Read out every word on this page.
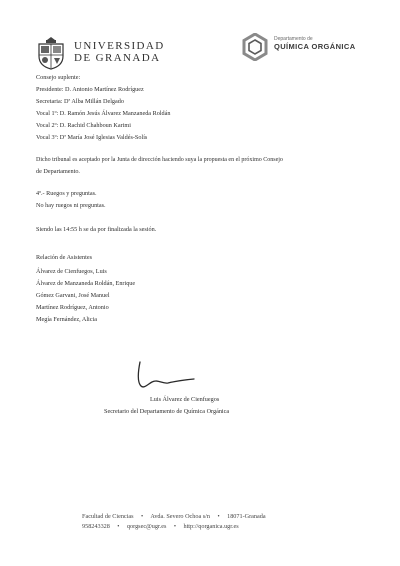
UNIVERSIDAD
DE GRANADA
Departamento de
QUÍMICA ORGÁNICA
Consejo suplente:
Presidente: D. Antonio Martínez Rodríguez
Secretaria: Dª Alba Millán Delgado
Vocal 1º: D. Ramón Jesús Álvarez Manzaneda Roldán
Vocal 2º: D. Rachid Chahboun Karimi
Vocal 3º: Dª María José Iglesias Valdés-Solís
Dicho tribunal es aceptado por la Junta de dirección haciendo suya la propuesta en el próximo Consejo
de Departamento.
4º.- Ruegos y preguntas.
No hay ruegos ni preguntas.
Siendo las 14:55 h se da por finalizada la sesión.
Relación de Asistentes
Álvarez de Cienfuegos, Luis
Álvarez de Manzaneda Roldán, Enrique
Gómez Garvani, José Manuel
Martínez Rodríguez, Antonio
Megía Fernández, Alicia
Luis Álvarez de Cienfuegos
Secretario del Departamento de Química Orgánica
Facultad de Ciencias • Avda. Severo Ochoa s/n • 18071-Granada
958243328 • qorgsec@ugr.es • http://qorganica.ugr.es
